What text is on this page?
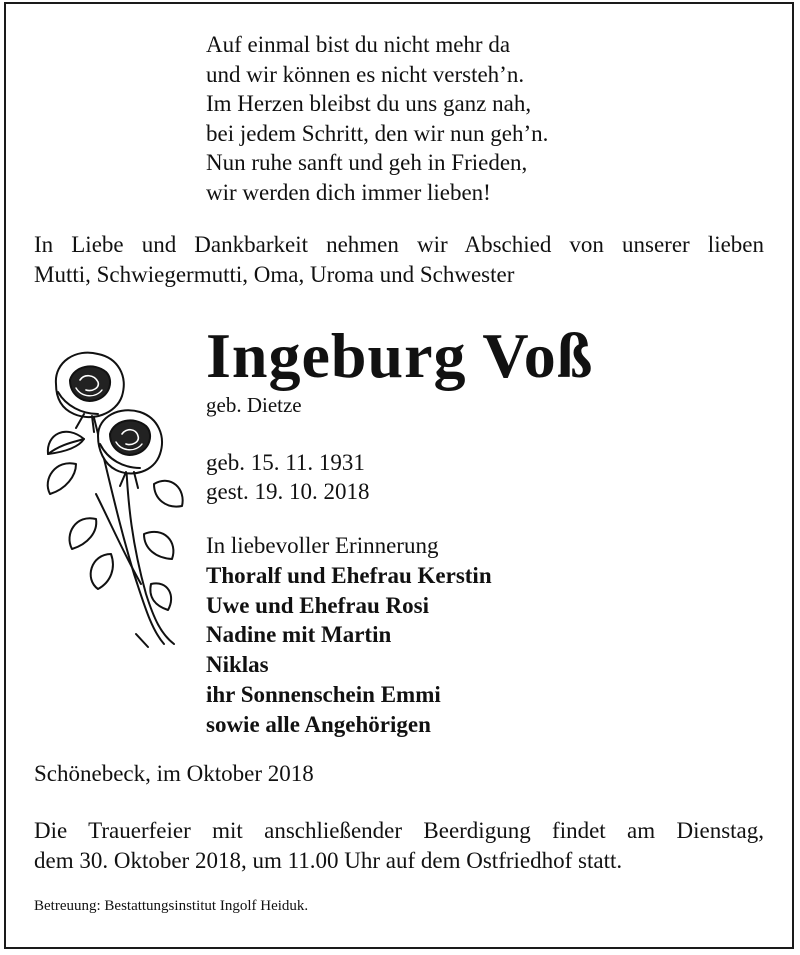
Auf einmal bist du nicht mehr da
und wir können es nicht versteh’n.
Im Herzen bleibst du uns ganz nah,
bei jedem Schritt, den wir nun geh’n.
Nun ruhe sanft und geh in Frieden,
wir werden dich immer lieben!
In Liebe und Dankbarkeit nehmen wir Abschied von unserer lieben
Mutti, Schwiegermutti, Oma, Uroma und Schwester
Ingeburg Voß
geb. Dietze
geb. 15. 11. 1931
gest. 19. 10. 2018
In liebevoller Erinnerung
Thoralf und Ehefrau Kerstin
Uwe und Ehefrau Rosi
Nadine mit Martin
Niklas
ihr Sonnenschein Emmi
sowie alle Angehörigen
Schönebeck, im Oktober 2018
Die Trauerfeier mit anschließender Beerdigung findet am Dienstag,
dem 30. Oktober 2018, um 11.00 Uhr auf dem Ostfriedhof statt.
Betreuung: Bestattungsinstitut Ingolf Heiduk.
